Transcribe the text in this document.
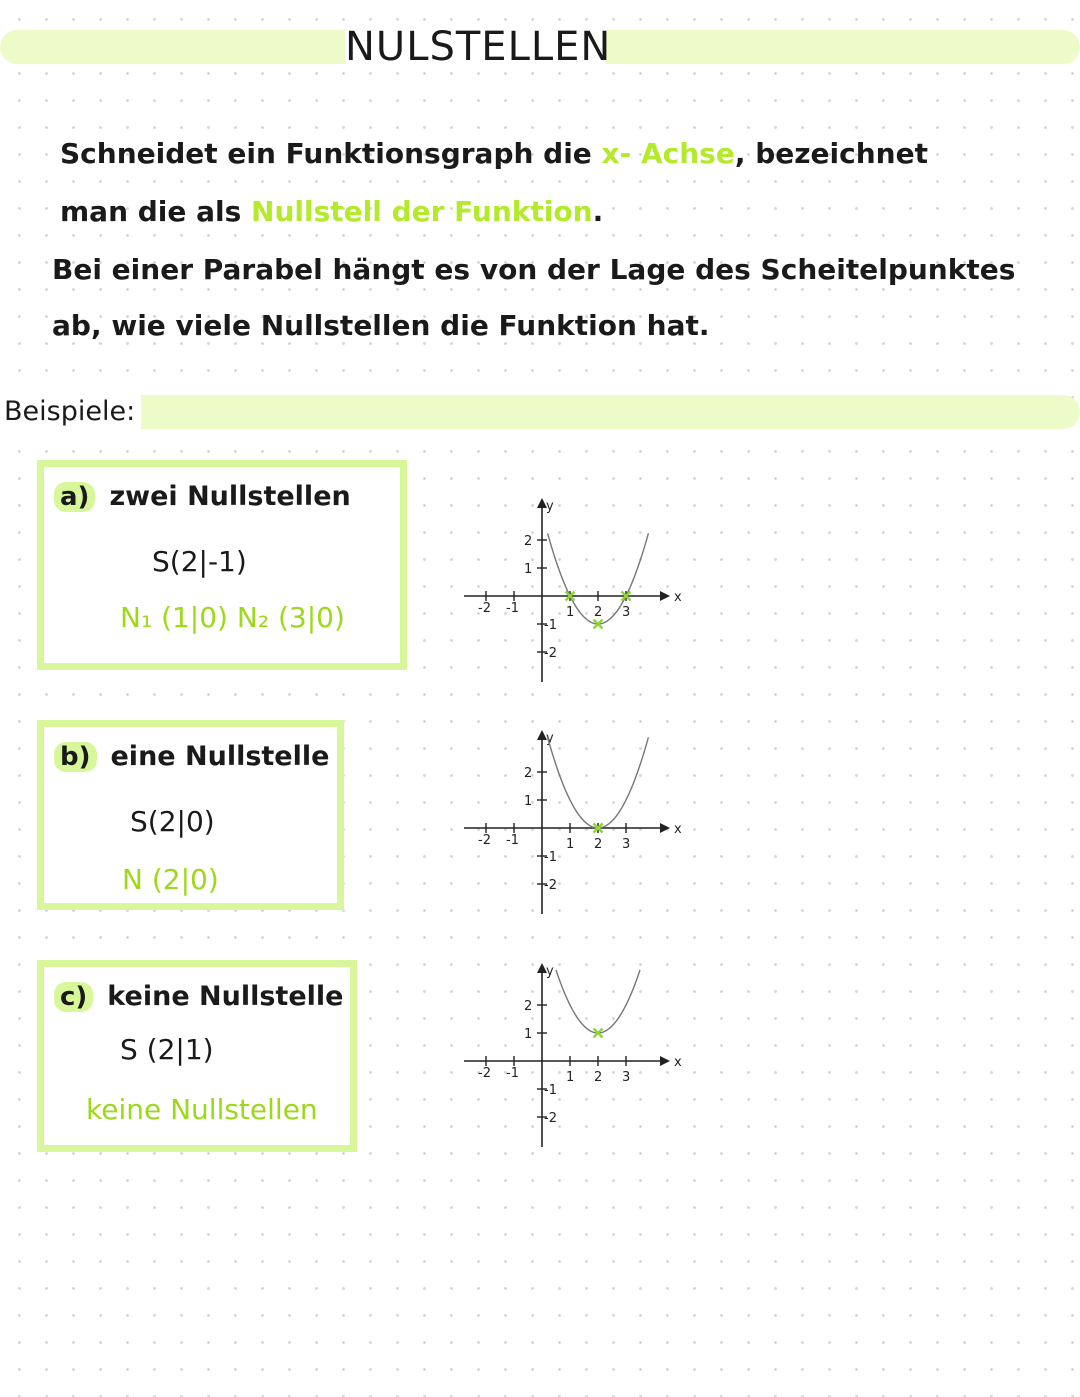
NULSTELLEN
Schneidet ein Funktionsgraph die x- Achse, bezeichnet
man die als Nullstell der Funktion.
Bei einer Parabel hängt es von der Lage des Scheitelpunktes
ab, wie viele Nullstellen die Funktion hat.
Beispiele:
a) zwei Nullstellen
S(2|-1)
N₁ (1|0) N₂ (3|0)
b) eine Nullstelle
S(2|0)
N (2|0)
c) keine Nullstelle
S (2|1)
keine Nullstellen
x
y
-2 -1	1 2 3
-2
-1
1
2
x
y
-2 -1	1 2 3
-2
-1
1
2
x
y
-2 -1	1 2 3
-2
-1
1
2
